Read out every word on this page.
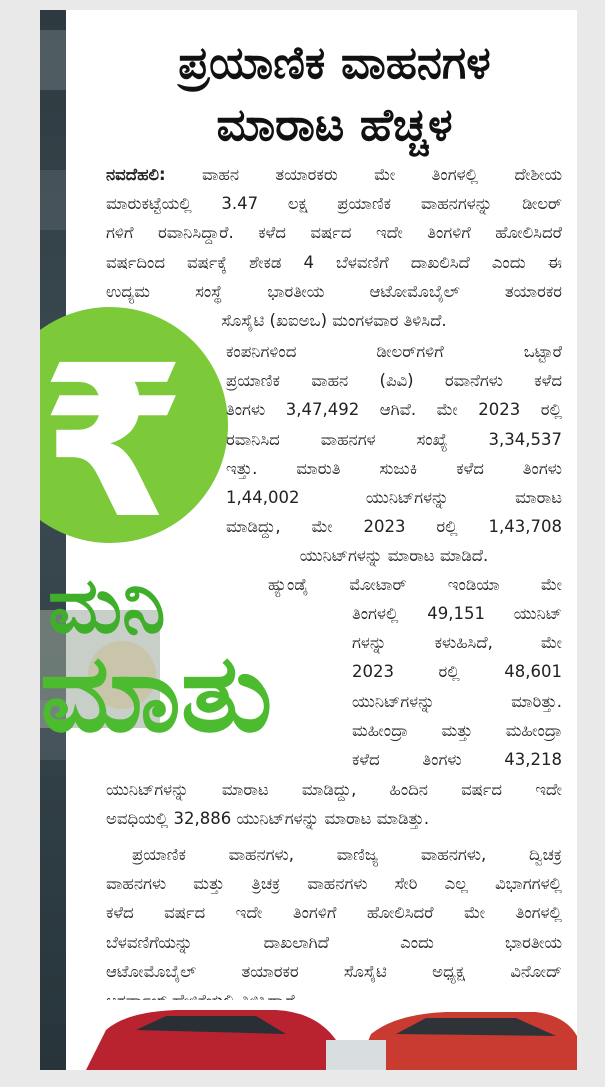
₹
ಮನಿ
ಮಾತು
ಪ್ರಯಾಣಿಕ ವಾಹನಗಳ
ಮಾರಾಟ ಹೆಚ್ಚಳ
ನವದೆಹಲಿ: ವಾಹನ ತಯಾರಕರು ಮೇ ತಿಂಗಳಲ್ಲಿ ದೇಶೀಯ
ಮಾರುಕಟ್ಟೆಯಲ್ಲಿ 3.47 ಲಕ್ಷ ಪ್ರಯಾಣಿಕ ವಾಹನಗಳನ್ನು ಡೀಲರ್
ಗಳಿಗೆ ರವಾನಿಸಿದ್ದಾರೆ. ಕಳೆದ ವರ್ಷದ ಇದೇ ತಿಂಗಳಿಗೆ ಹೋಲಿಸಿದರೆ
ವರ್ಷದಿಂದ ವರ್ಷಕ್ಕೆ ಶೇಕಡ 4 ಬೆಳವಣಿಗೆ ದಾಖಲಿಸಿದೆ ಎಂದು ಈ
ಉದ್ಯಮ ಸಂಸ್ಥೆ ಭಾರತೀಯ ಆಟೋಮೊಬೈಲ್ ತಯಾರಕರ
ಸೊಸೈಟಿ (ಖಐಅಒ) ಮಂಗಳವಾರ ತಿಳಿಸಿದೆ.
ಕಂಪನಿಗಳಿಂದ ಡೀಲರ್‌ಗಳಿಗೆ ಒಟ್ಟಾರೆ
ಪ್ರಯಾಣಿಕ ವಾಹನ (ಪಿವಿ) ರವಾನೆಗಳು ಕಳೆದ
ತಿಂಗಳು 3,47,492 ಆಗಿವೆ. ಮೇ 2023 ರಲ್ಲಿ
ರವಾನಿಸಿದ ವಾಹನಗಳ ಸಂಖ್ಯೆ 3,34,537
ಇತ್ತು. ಮಾರುತಿ ಸುಜುಕಿ ಕಳೆದ ತಿಂಗಳು
1,44,002 ಯುನಿಟ್‌ಗಳನ್ನು ಮಾರಾಟ
ಮಾಡಿದ್ದು, ಮೇ 2023 ರಲ್ಲಿ 1,43,708
ಯುನಿಟ್‌ಗಳನ್ನು ಮಾರಾಟ ಮಾಡಿದೆ.
ಹ್ಯುಂಡೈ ಮೋಟಾರ್ ಇಂಡಿಯಾ ಮೇ
ತಿಂಗಳಲ್ಲಿ 49,151 ಯುನಿಟ್
ಗಳನ್ನು ಕಳುಹಿಸಿದೆ, ಮೇ
2023 ರಲ್ಲಿ 48,601
ಯುನಿಟ್‌ಗಳನ್ನು ಮಾರಿತ್ತು.
ಮಹೀಂದ್ರಾ ಮತ್ತು ಮಹೀಂದ್ರಾ
ಕಳೆದ ತಿಂಗಳು 43,218
ಯುನಿಟ್‌ಗಳನ್ನು ಮಾರಾಟ ಮಾಡಿದ್ದು, ಹಿಂದಿನ ವರ್ಷದ ಇದೇ
ಅವಧಿಯಲ್ಲಿ 32,886 ಯುನಿಟ್‌ಗಳನ್ನು ಮಾರಾಟ ಮಾಡಿತ್ತು.
ಪ್ರಯಾಣಿಕ ವಾಹನಗಳು, ವಾಣಿಜ್ಯ ವಾಹನಗಳು, ದ್ವಿಚಕ್ರ
ವಾಹನಗಳು ಮತ್ತು ತ್ರಿಚಕ್ರ ವಾಹನಗಳು ಸೇರಿ ಎಲ್ಲ ವಿಭಾಗಗಳಲ್ಲಿ
ಕಳೆದ ವರ್ಷದ ಇದೇ ತಿಂಗಳಿಗೆ ಹೋಲಿಸಿದರೆ ಮೇ ತಿಂಗಳಲ್ಲಿ
ಬೆಳವಣಿಗೆಯನ್ನು ದಾಖಲಾಗಿದೆ ಎಂದು ಭಾರತೀಯ
ಆಟೋಮೊಬೈಲ್ ತಯಾರಕರ ಸೊಸೈಟಿ ಅಧ್ಯಕ್ಷ ವಿನೋದ್
